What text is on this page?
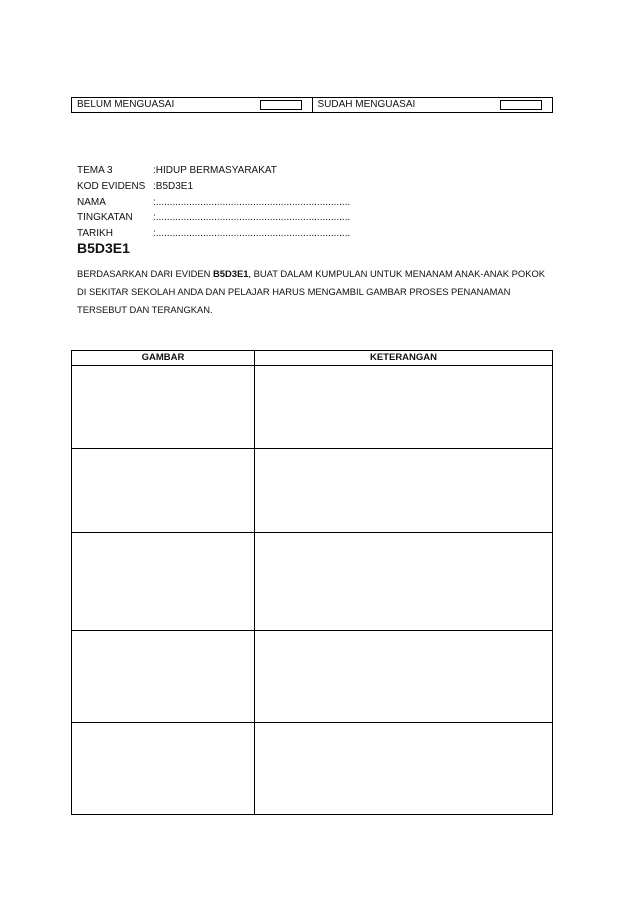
BELUM MENGUASAI	SUDAH MENGUASAI
TEMA 3	:HIDUP BERMASYARAKAT
KOD EVIDENS :B5D3E1
NAMA	:......................................................................
TINGKATAN	:......................................................................
TARIKH	:......................................................................
B5D3E1

BERDASARKAN DARI EVIDEN B5D3E1, BUAT DALAM KUMPULAN UNTUK MENANAM ANAK-ANAK POKOK DI SEKITAR SEKOLAH ANDA DAN PELAJAR HARUS MENGAMBIL GAMBAR PROSES PENANAMAN TERSEBUT DAN TERANGKAN.

GAMBAR	KETERANGAN
